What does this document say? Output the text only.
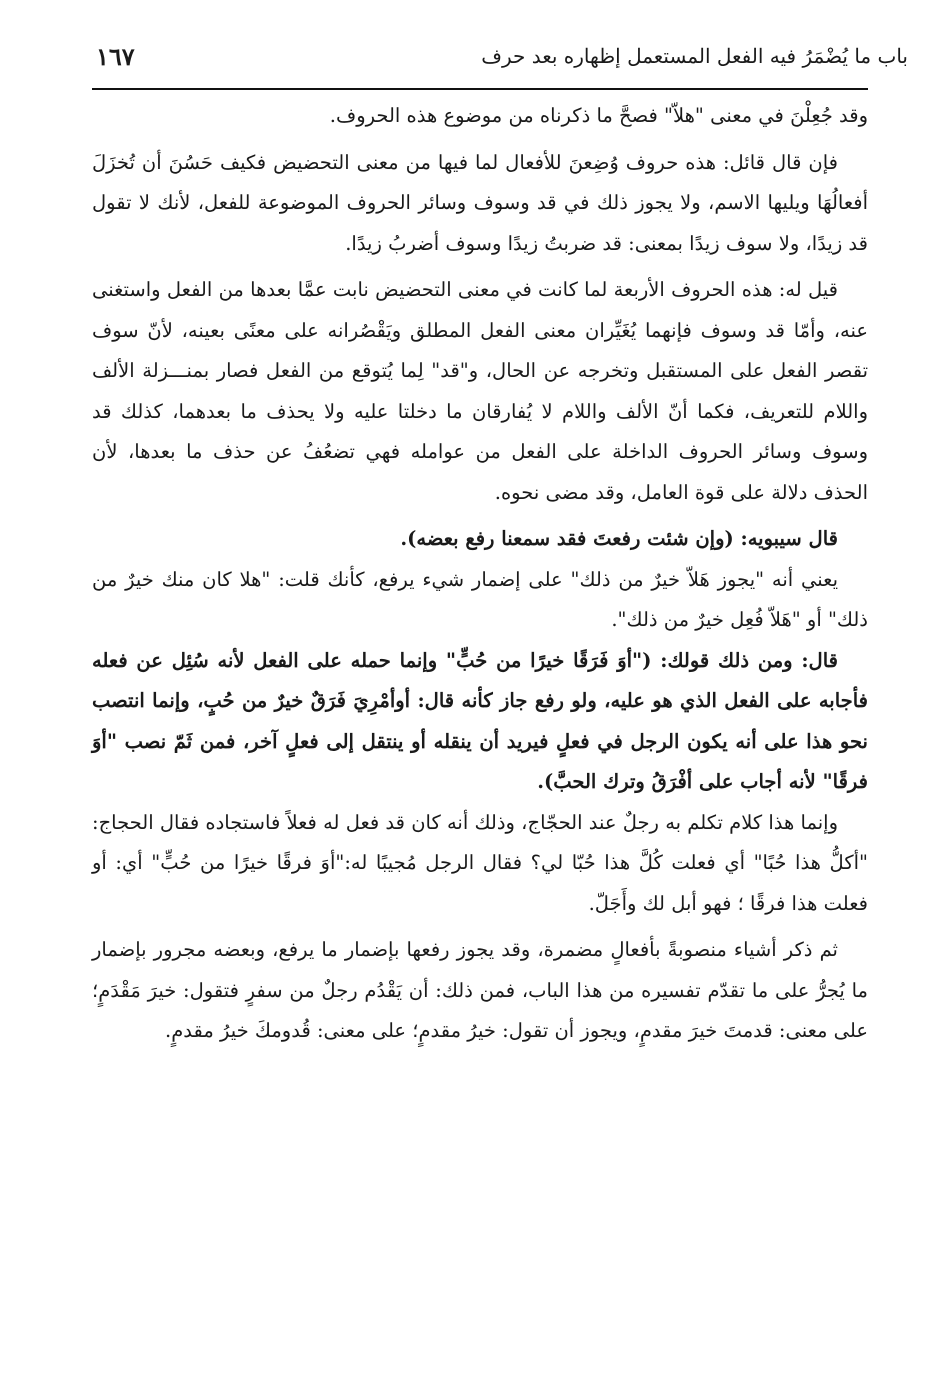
باب ما يُضْمَرُ فيه الفعل المستعمل إظهاره بعد حرف
١٦٧

وقد جُعِلْنَ في معنى "هلاّ" فصحَّ ما ذكرناه من موضوع هذه الحروف.

فإن قال قائل: هذه حروف وُضِعنَ للأفعال لما فيها من معنى التحضيض فكيف حَسُنَ أن تُخزَلَ أفعالُهَا ويليها الاسم، ولا يجوز ذلك في قد وسوف وسائر الحروف الموضوعة للفعل، لأنك لا تقول قد زيدًا، ولا سوف زيدًا بمعنى: قد ضربتُ زيدًا وسوف أضربُ زيدًا.

قيل له: هذه الحروف الأربعة لما كانت في معنى التحضيض نابت عمَّا بعدها من الفعل واستغنى عنه، وأمّا قد وسوف فإنهما يُغَيِّران معنى الفعل المطلق ويَقْصُرانه على معنًى بعينه، لأنّ سوف تقصر الفعل على المستقبل وتخرجه عن الحال، و"قد" لِما يُتوقع من الفعل فصار بمنـــزلة الألف واللام للتعريف، فكما أنّ الألف واللام لا يُفارقان ما دخلتا عليه ولا يحذف ما بعدهما، كذلك قد وسوف وسائر الحروف الداخلة على الفعل من عوامله فهي تضعُفُ عن حذف ما بعدها، لأن الحذف دلالة على قوة العامل، وقد مضى نحوه.

قال سيبويه: (وإن شئت رفعتَ فقد سمعنا رفع بعضه).

يعني أنه "يجوز هَلاّ خيرٌ من ذلك" على إضمار شيء يرفع، كأنك قلت: "هلا كان منك خيرٌ من ذلك" أو "هَلاّ فُعِل خيرٌ من ذلك".

قال: ومن ذلك قولك: ("أوَ فَرَقًا خيرًا من حُبٍّ" وإنما حمله على الفعل لأنه سُئِل عن فعله فأجابه على الفعل الذي هو عليه، ولو رفع جاز كأنه قال: أوأمْرِيَ فَرَقٌ خيرٌ من حُبٍ، وإنما انتصب نحو هذا على أنه يكون الرجل في فعلٍ فيريد أن ينقله أو ينتقل إلى فعلٍ آخر، فمن ثَمّ نصب "أوَ فرقًا" لأنه أجاب على أفْرَقُ وترك الحبَّ).

وإنما هذا كلام تكلم به رجلٌ عند الحجّاج، وذلك أنه كان قد فعل له فعلاً فاستجاده فقال الحجاج: "أكلُّ هذا حُبًا" أي فعلت كُلَّ هذا حُبّا لي؟ فقال الرجل مُجيبًا له:"أوَ فرقًا خيرًا من حُبٍّ" أي: أو فعلت هذا فرقًا ؛ فهو أبل لك وأَجَلّ.

ثم ذكر أشياء منصوبةً بأفعالٍ مضمرة، وقد يجوز رفعها بإضمار ما يرفع، وبعضه مجرور بإضمار ما يُجرُّ على ما تقدّم تفسيره من هذا الباب، فمن ذلك: أن يَقْدُم رجلٌ من سفرٍ فتقول: خيرَ مَقْدَمٍ؛ على معنى: قدمتَ خيرَ مقدمٍ، ويجوز أن تقول: خيرُ مقدمٍ؛ على معنى: قُدومكَ خيرُ مقدمٍ.
